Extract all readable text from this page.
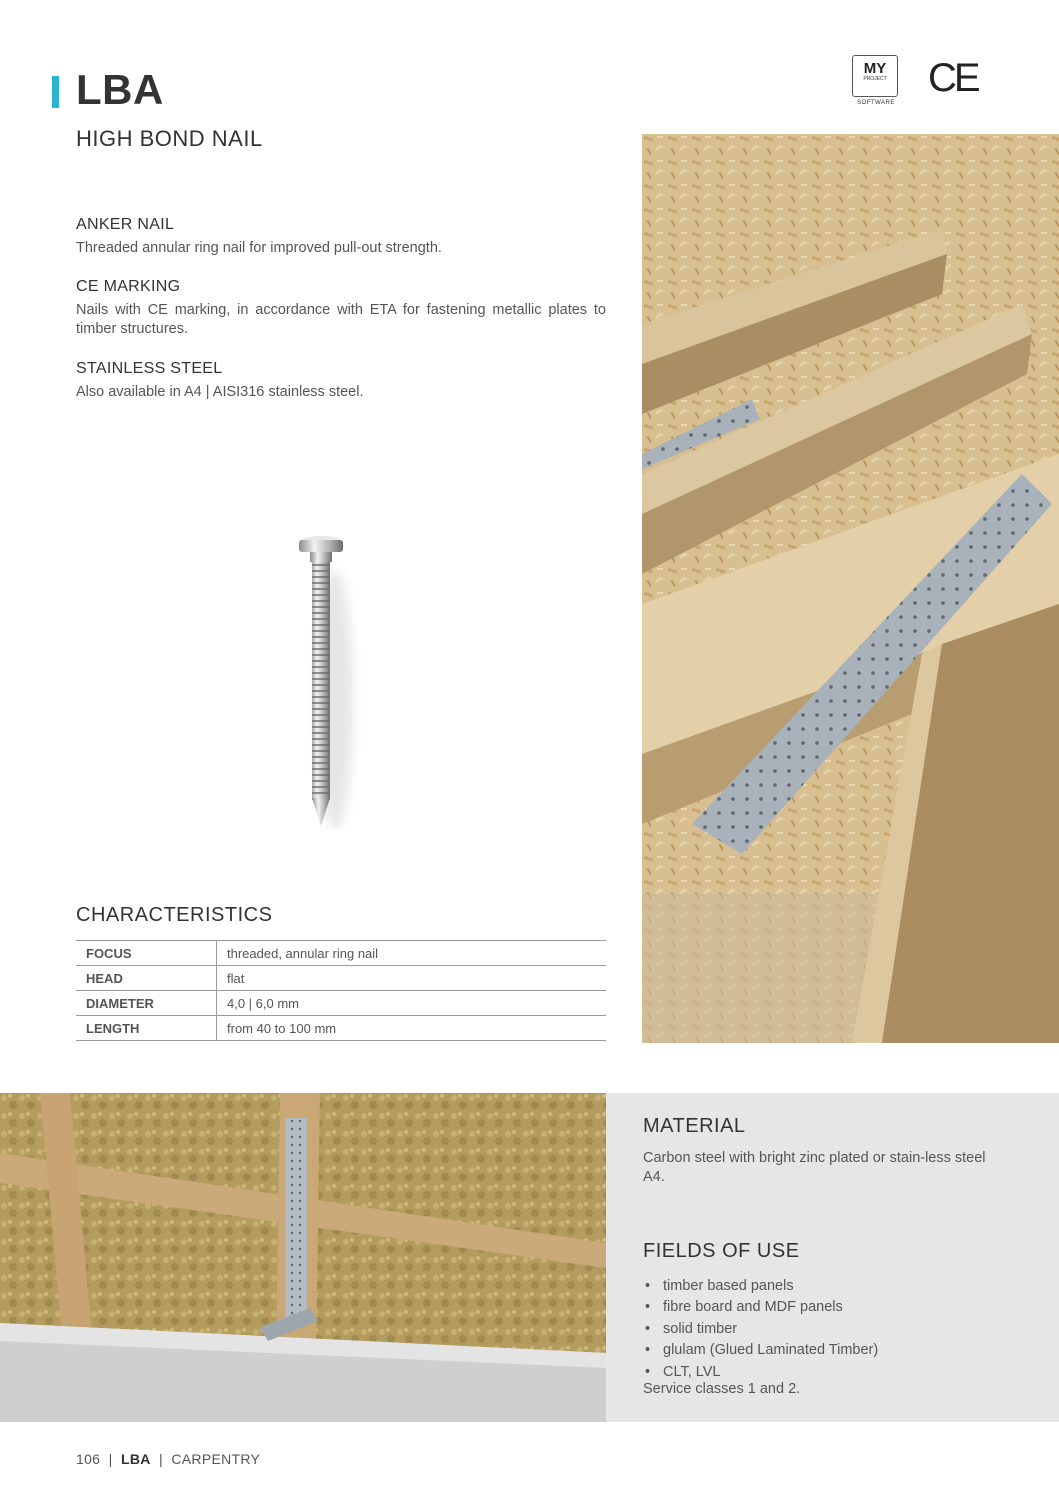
LBA
HIGH BOND NAIL
MY
PROJECT
SOFTWARE
CE
ANKER NAIL
Threaded annular ring nail for improved pull-out strength.
CE MARKING
Nails with CE marking, in accordance with ETA for fastening metallic plates to timber structures.
STAINLESS STEEL
Also available in A4 | AISI316 stainless steel.
CHARACTERISTICS
FOCUS	threaded, annular ring nail
HEAD	flat
DIAMETER	4,0 | 6,0 mm
LENGTH	from 40 to 100 mm
MATERIAL
Carbon steel with bright zinc plated or stain-less steel A4.
FIELDS OF USE
• timber based panels
• fibre board and MDF panels
• solid timber
• glulam (Glued Laminated Timber)
• CLT, LVL
Service classes 1 and 2.
106  |  LBA  |  CARPENTRY
